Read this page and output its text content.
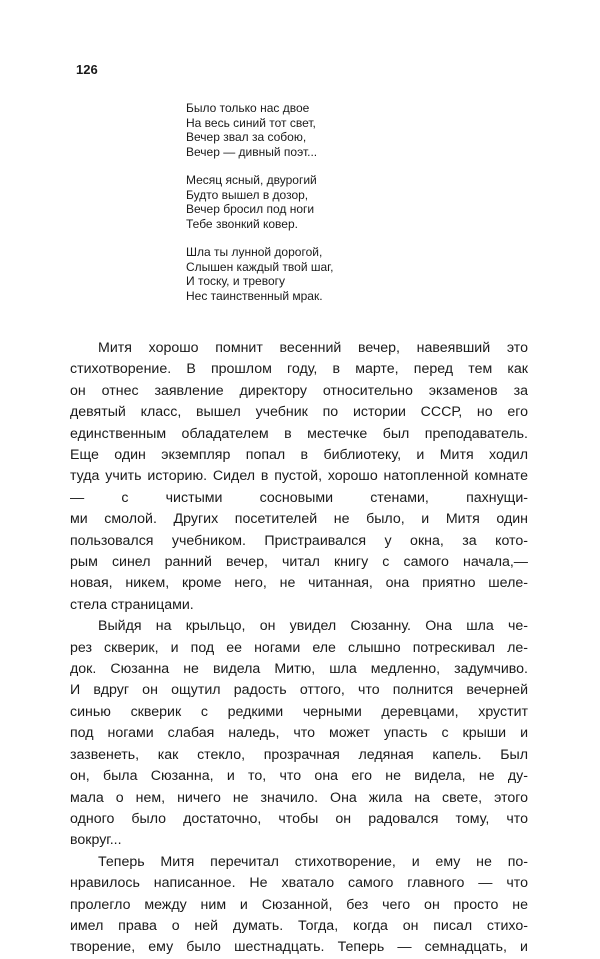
126
Было только нас двое
На весь синий тот свет,
Вечер звал за собою,
Вечер — дивный поэт...
Месяц ясный, двурогий
Будто вышел в дозор,
Вечер бросил под ноги
Тебе звонкий ковер.
Шла ты лунной дорогой,
Слышен каждый твой шаг,
И тоску, и тревогу
Нес таинственный мрак.
Митя хорошо помнит весенний вечер, навеявший это
стихотворение. В прошлом году, в марте, перед тем как
он отнес заявление директору относительно экзаменов за
девятый класс, вышел учебник по истории СССР, но его
единственным обладателем в местечке был преподаватель.
Еще один экземпляр попал в библиотеку, и Митя ходил
туда учить историю. Сидел в пустой, хорошо натопленной комнате — с чистыми сосновыми стенами, пахнущи-
ми смолой. Других посетителей не было, и Митя один
пользовался учебником. Пристраивался у окна, за кото-
рым синел ранний вечер, читал книгу с самого начала,—
новая, никем, кроме него, не читанная, она приятно шеле-
стела страницами.
Выйдя на крыльцо, он увидел Сюзанну. Она шла че-
рез скверик, и под ее ногами еле слышно потрескивал ле-
док. Сюзанна не видела Митю, шла медленно, задумчиво.
И вдруг он ощутил радость оттого, что полнится вечерней
синью скверик с редкими черными деревцами, хрустит
под ногами слабая наледь, что может упасть с крыши и
зазвенеть, как стекло, прозрачная ледяная капель. Был
он, была Сюзанна, и то, что она его не видела, не ду-
мала о нем, ничего не значило. Она жила на свете, этого
одного было достаточно, чтобы он радовался тому, что
вокруг...
Теперь Митя перечитал стихотворение, и ему не по-
нравилось написанное. Не хватало самого главного — что
пролегло между ним и Сюзанной, без чего он просто не
имел права о ней думать. Тогда, когда он писал стихо-
творение, ему было шестнадцать. Теперь — семнадцать, и
